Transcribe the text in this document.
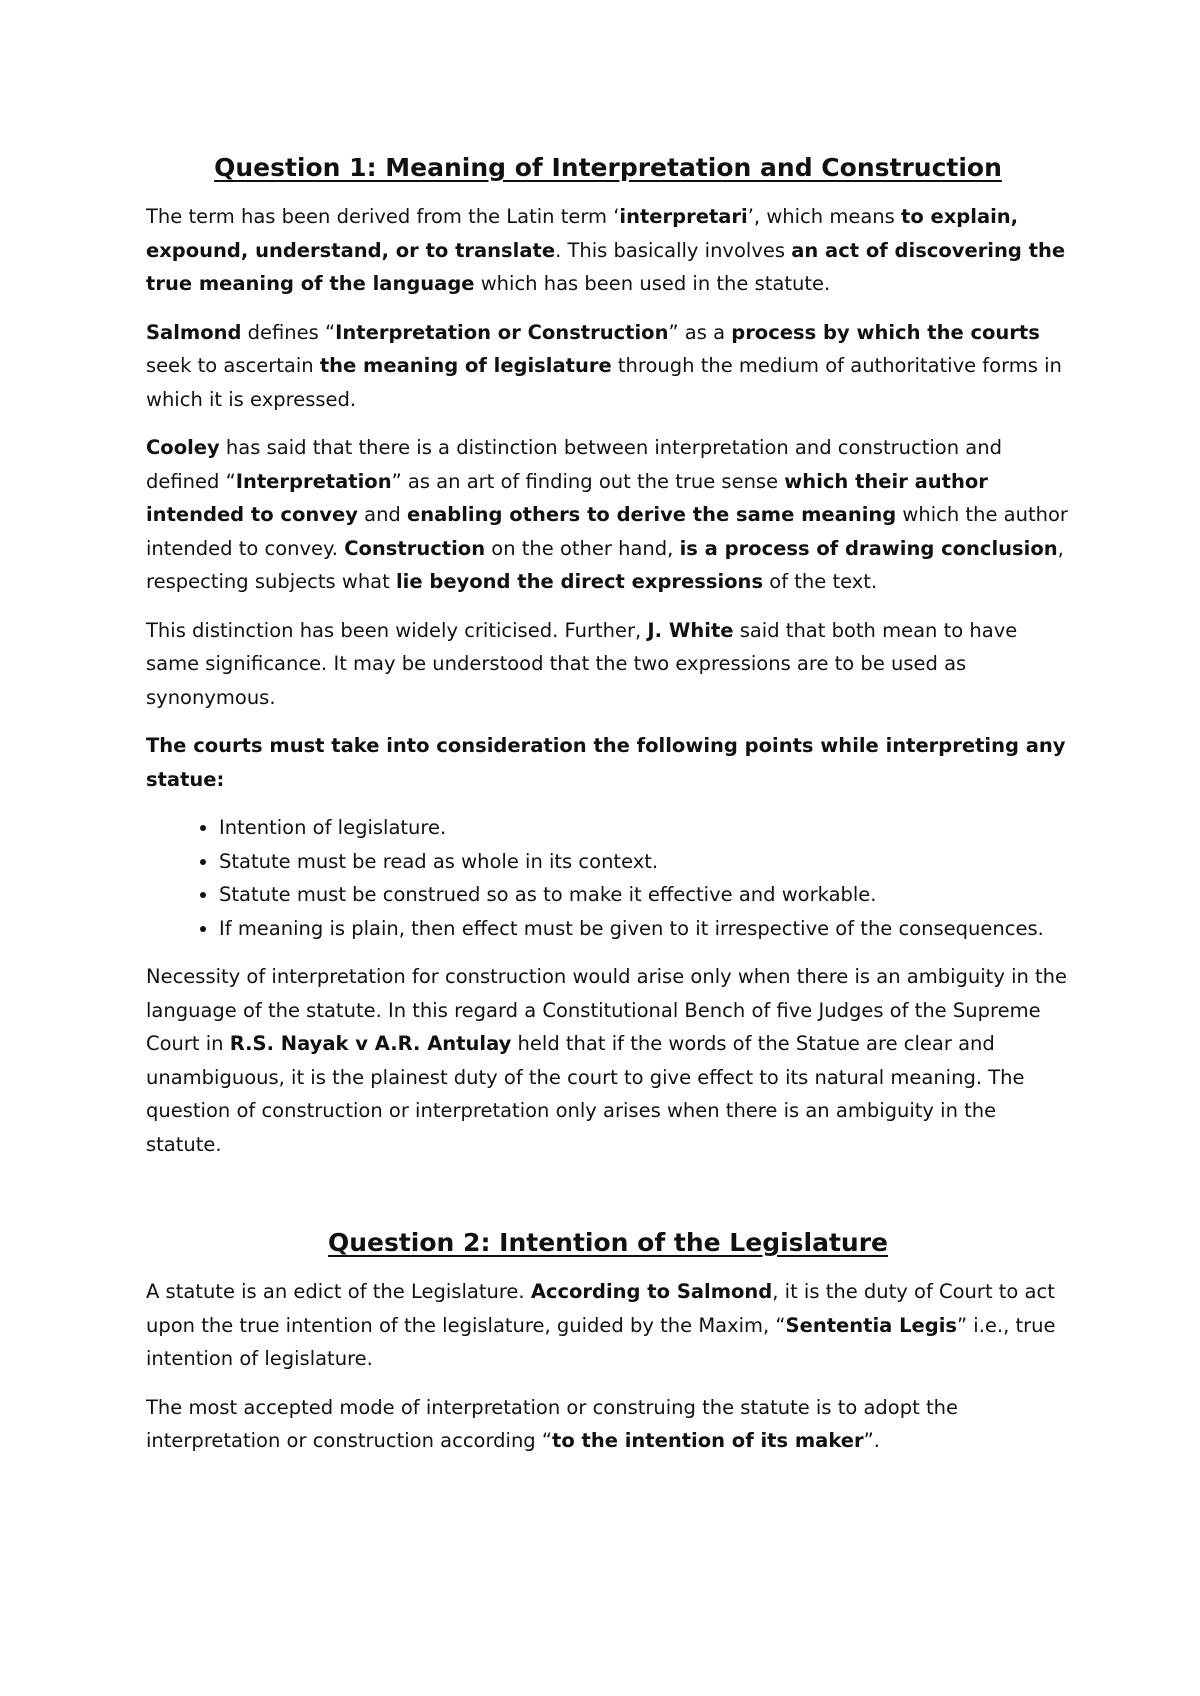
Question 1: Meaning of Interpretation and Construction

The term has been derived from the Latin term ‘interpretari’, which means to explain, expound, understand, or to translate. This basically involves an act of discovering the true meaning of the language which has been used in the statute.

Salmond defines “Interpretation or Construction” as a process by which the courts seek to ascertain the meaning of legislature through the medium of authoritative forms in which it is expressed.

Cooley has said that there is a distinction between interpretation and construction and defined “Interpretation” as an art of finding out the true sense which their author intended to convey and enabling others to derive the same meaning which the author intended to convey. Construction on the other hand, is a process of drawing conclusion, respecting subjects what lie beyond the direct expressions of the text.

This distinction has been widely criticised. Further, J. White said that both mean to have same significance. It may be understood that the two expressions are to be used as synonymous.

The courts must take into consideration the following points while interpreting any statue:

• Intention of legislature.
• Statute must be read as whole in its context.
• Statute must be construed so as to make it effective and workable.
• If meaning is plain, then effect must be given to it irrespective of the consequences.

Necessity of interpretation for construction would arise only when there is an ambiguity in the language of the statute. In this regard a Constitutional Bench of five Judges of the Supreme Court in R.S. Nayak v A.R. Antulay held that if the words of the Statue are clear and unambiguous, it is the plainest duty of the court to give effect to its natural meaning. The question of construction or interpretation only arises when there is an ambiguity in the statute.

Question 2: Intention of the Legislature

A statute is an edict of the Legislature. According to Salmond, it is the duty of Court to act upon the true intention of the legislature, guided by the Maxim, “Sententia Legis” i.e., true intention of legislature.

The most accepted mode of interpretation or construing the statute is to adopt the interpretation or construction according “to the intention of its maker”.
